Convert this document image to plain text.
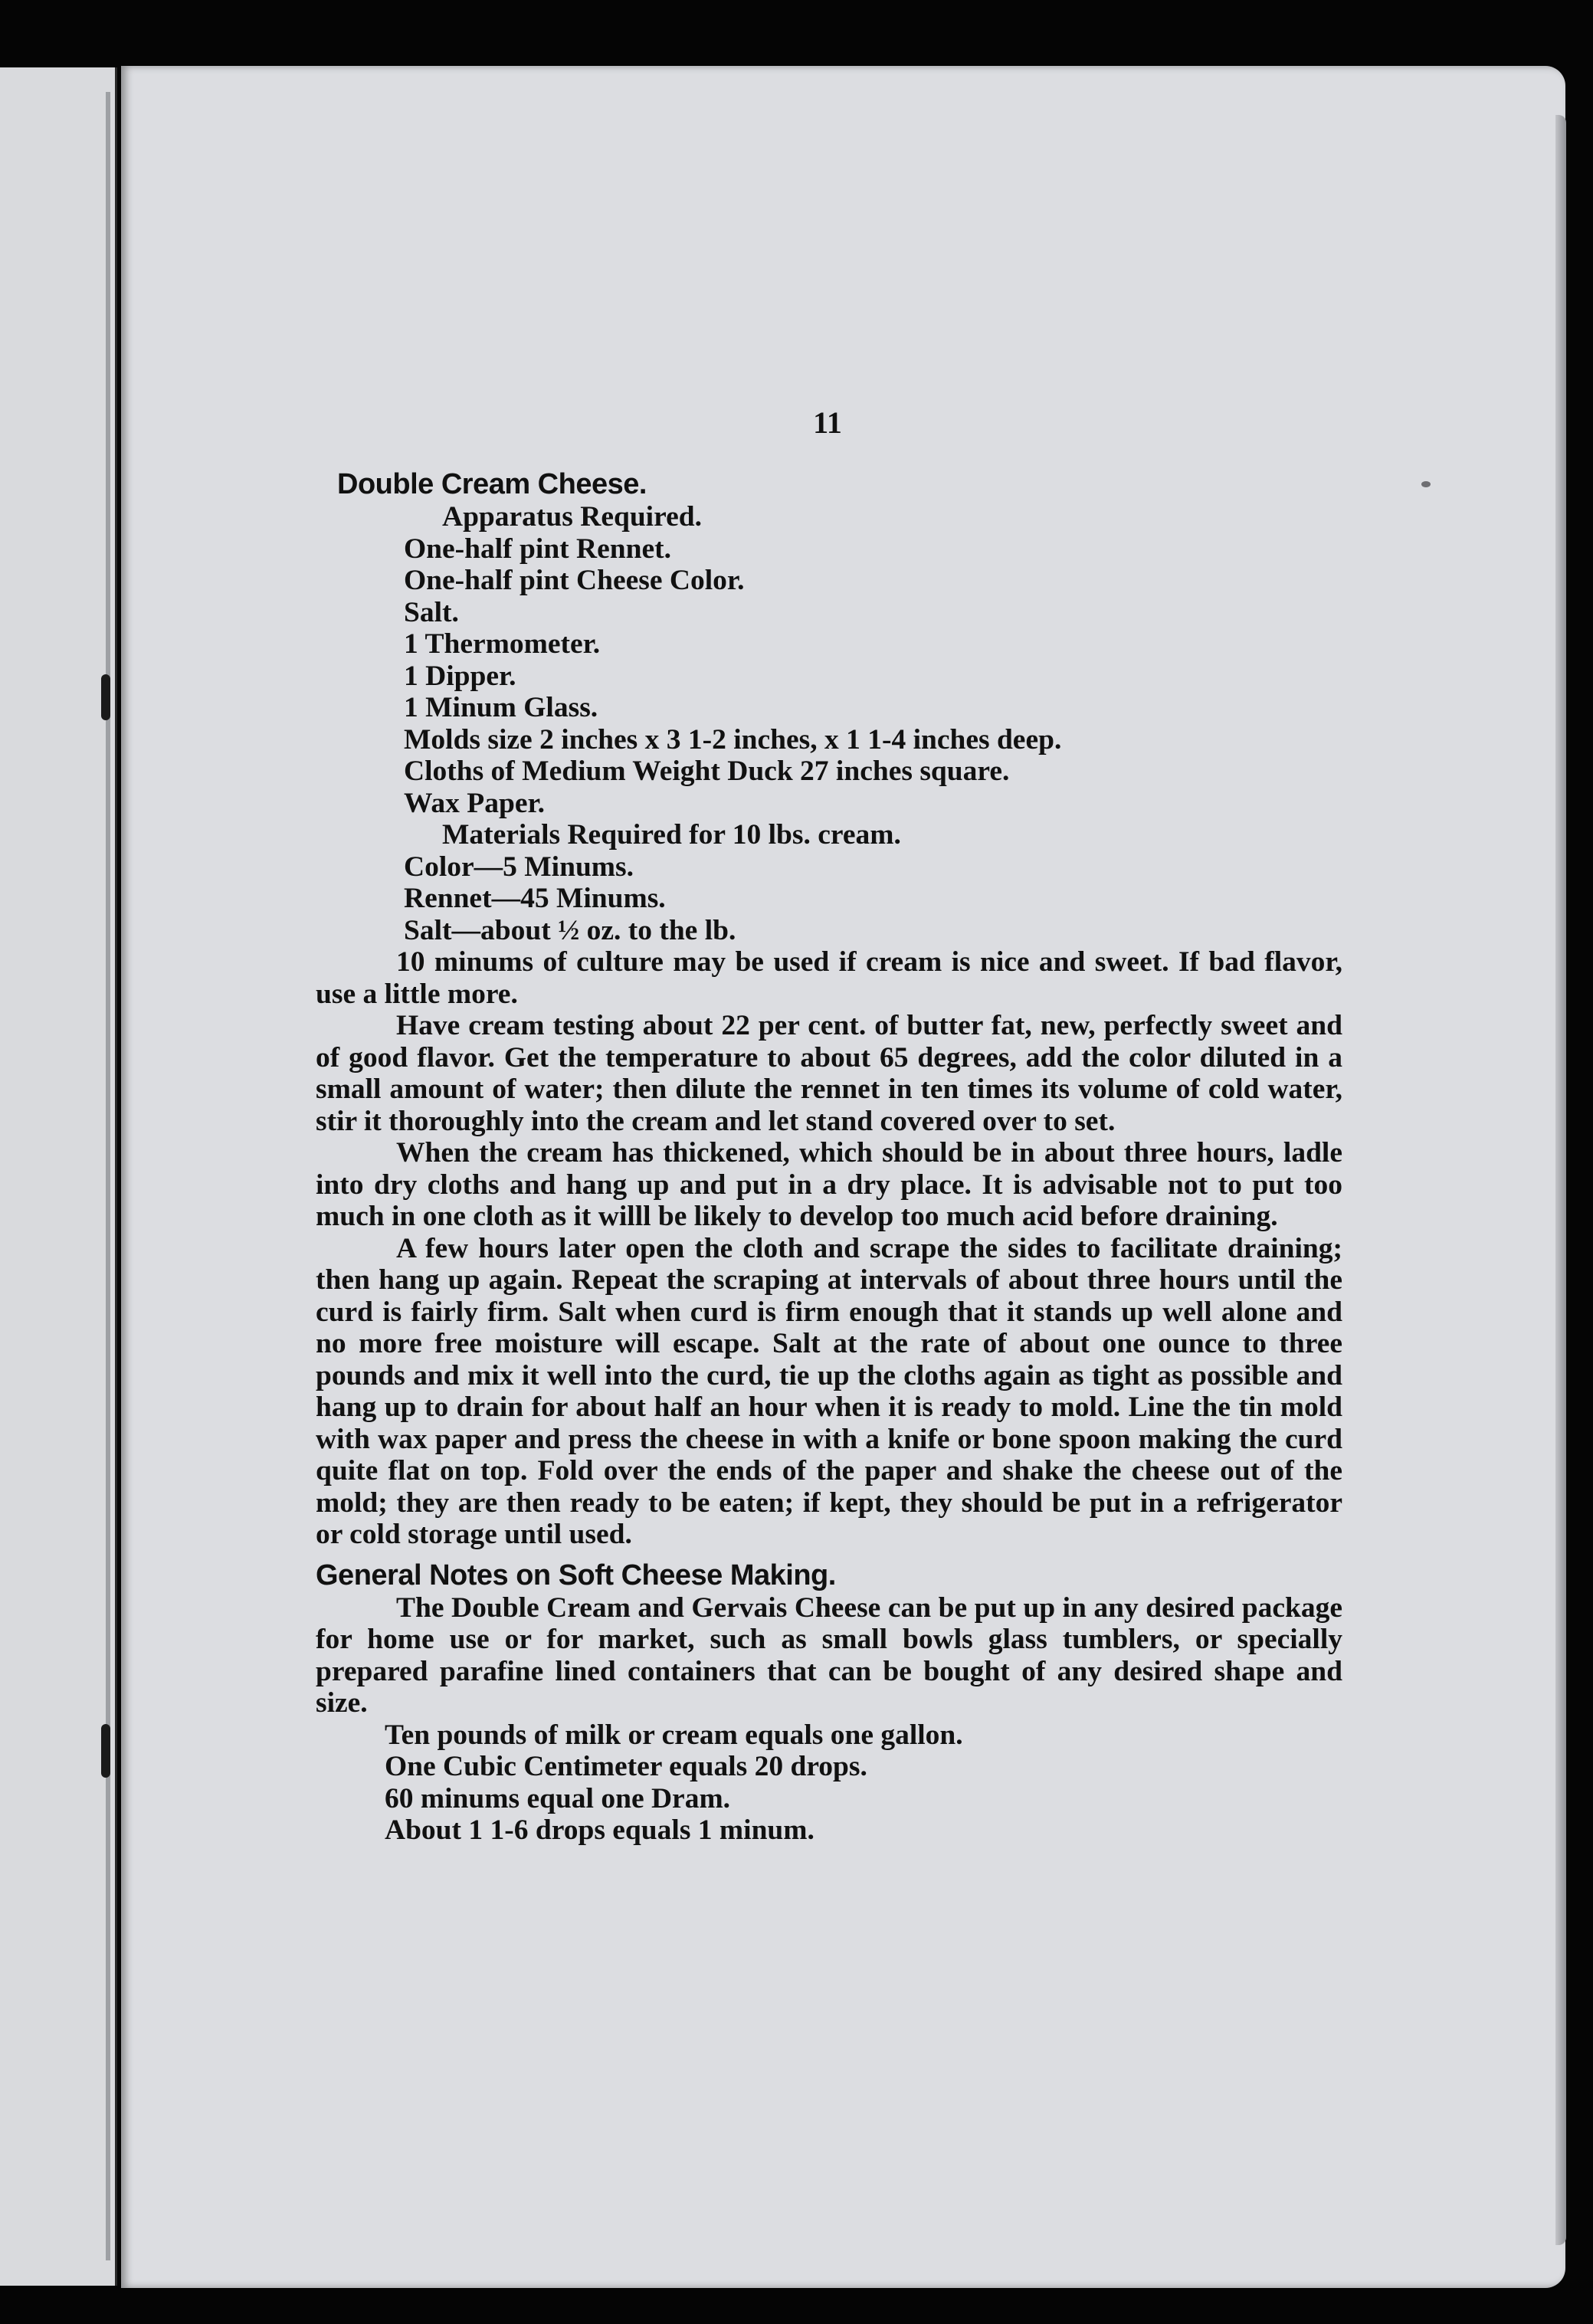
11

Double Cream Cheese.

Apparatus Required.

One-half pint Rennet.

One-half pint Cheese Color.

Salt.

1 Thermometer.

1 Dipper.

1 Minum Glass.

Molds size 2 inches x 3 1-2 inches, x 1 1-4 inches deep.

Cloths of Medium Weight Duck 27 inches square.

Wax Paper.

Materials Required for 10 lbs. cream.

Color—5 Minums.

Rennet—45 Minums.

Salt—about ½ oz. to the lb.

10 minums of culture may be used if cream is nice and sweet. If bad flavor, use a little more.

Have cream testing about 22 per cent. of butter fat, new, perfectly sweet and of good flavor. Get the temperature to about 65 degrees, add the color diluted in a small amount of water; then dilute the rennet in ten times its volume of cold water, stir it thoroughly into the cream and let stand covered over to set.

When the cream has thickened, which should be in about three hours, ladle into dry cloths and hang up and put in a dry place. It is advisable not to put too much in one cloth as it willl be likely to develop too much acid before draining.

A few hours later open the cloth and scrape the sides to facilitate draining; then hang up again. Repeat the scraping at intervals of about three hours until the curd is fairly firm. Salt when curd is firm enough that it stands up well alone and no more free moisture will escape. Salt at the rate of about one ounce to three pounds and mix it well into the curd, tie up the cloths again as tight as possible and hang up to drain for about half an hour when it is ready to mold. Line the tin mold with wax paper and press the cheese in with a knife or bone spoon making the curd quite flat on top. Fold over the ends of the paper and shake the cheese out of the mold; they are then ready to be eaten; if kept, they should be put in a refrigerator or cold storage until used.

General Notes on Soft Cheese Making.

The Double Cream and Gervais Cheese can be put up in any desired package for home use or for market, such as small bowls glass tumblers, or specially prepared parafine lined containers that can be bought of any desired shape and size.

Ten pounds of milk or cream equals one gallon.

One Cubic Centimeter equals 20 drops.

60 minums equal one Dram.

About 1 1-6 drops equals 1 minum.
